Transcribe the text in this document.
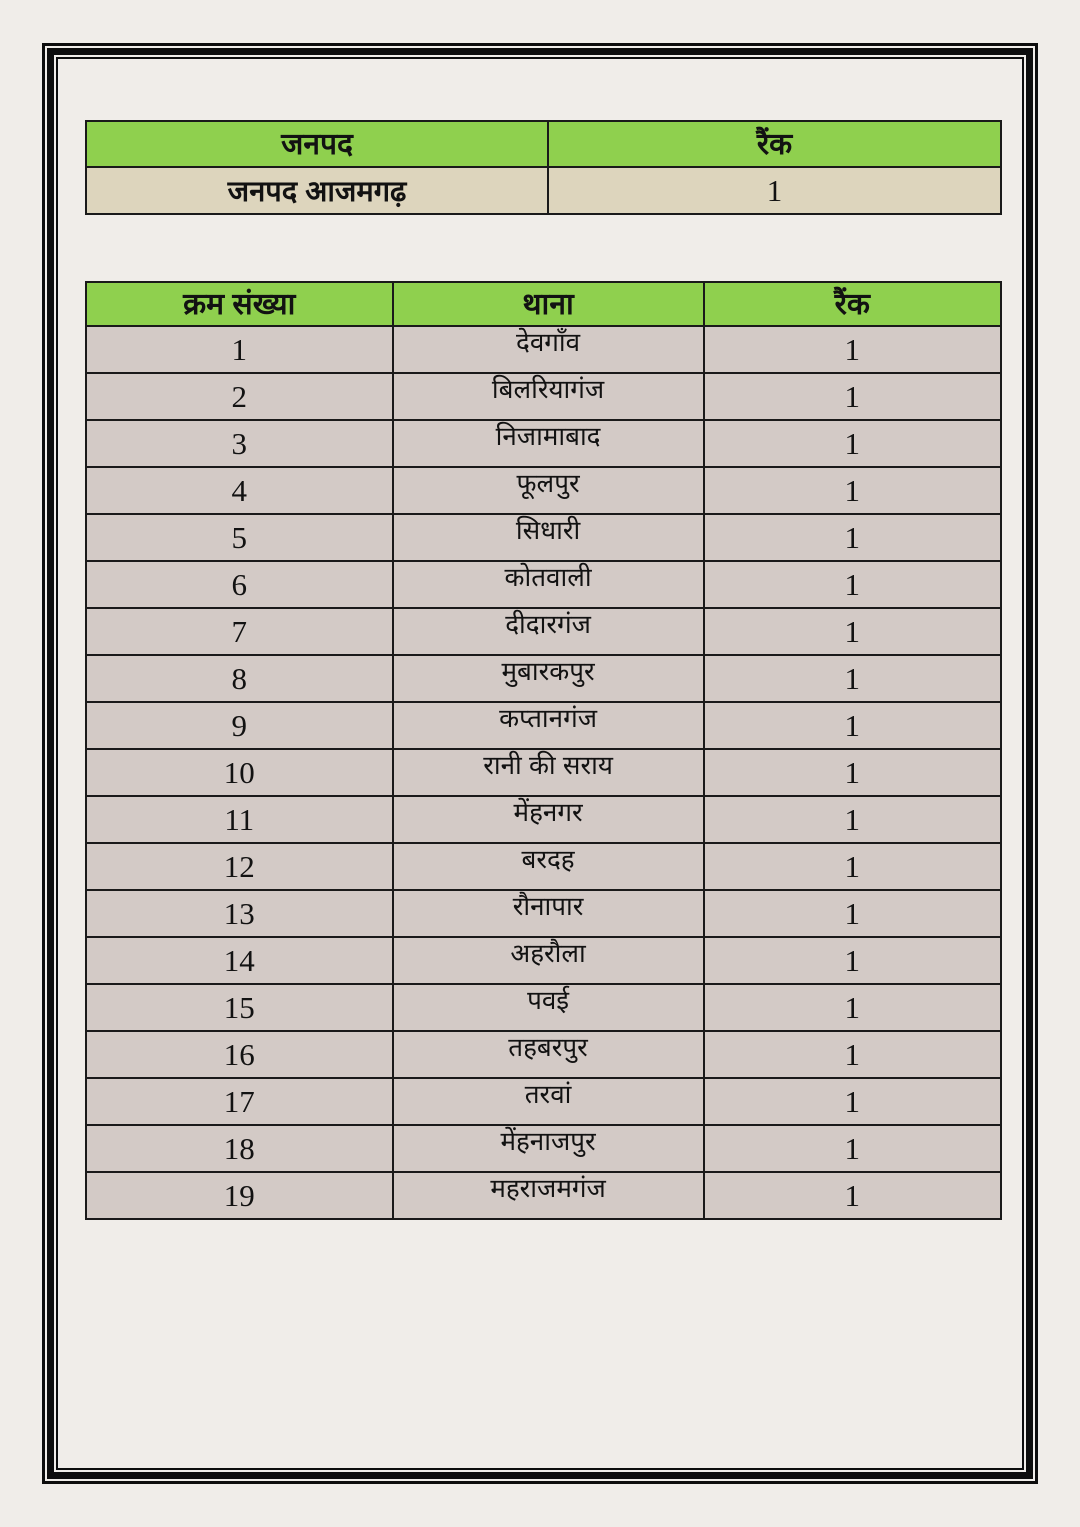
जनपद	रैंक
जनपद आजमगढ़	1
क्रम संख्या	थाना	रैंक
1	देवगाँव	1
2	बिलरियागंज	1
3	निजामाबाद	1
4	फूलपुर	1
5	सिधारी	1
6	कोतवाली	1
7	दीदारगंज	1
8	मुबारकपुर	1
9	कप्तानगंज	1
10	रानी की सराय	1
11	मेंहनगर	1
12	बरदह	1
13	रौनापार	1
14	अहरौला	1
15	पवई	1
16	तहबरपुर	1
17	तरवां	1
18	मेंहनाजपुर	1
19	महराजमगंज	1
